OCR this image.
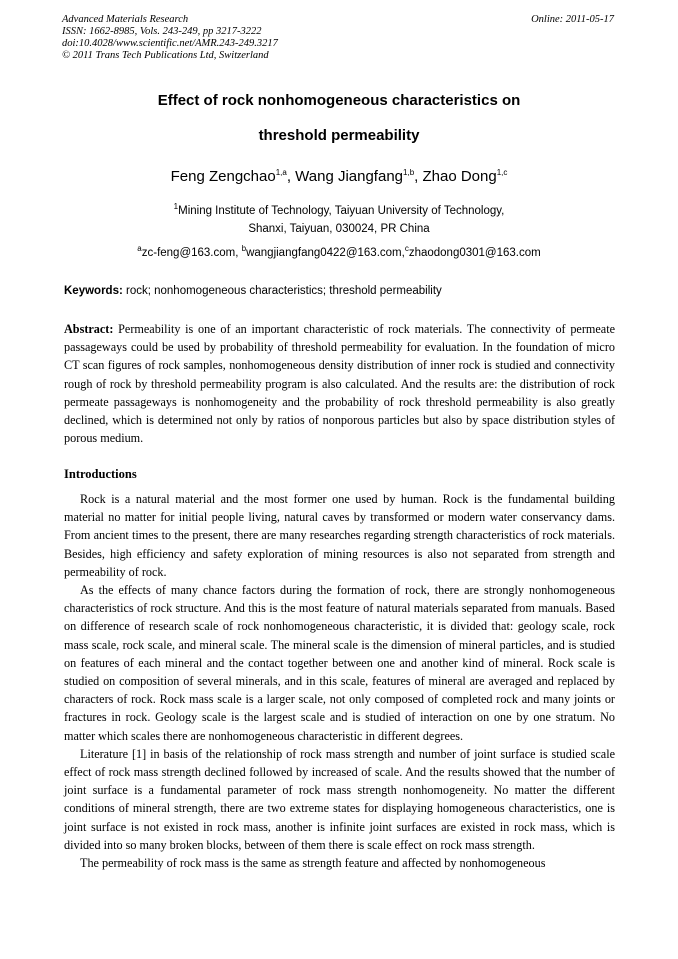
Advanced Materials Research
ISSN: 1662-8985, Vols. 243-249, pp 3217-3222
doi:10.4028/www.scientific.net/AMR.243-249.3217
© 2011 Trans Tech Publications Ltd, Switzerland
Online: 2011-05-17
Effect of rock nonhomogeneous characteristics on
threshold permeability
Feng Zengchao$^{1,a}$, Wang Jiangfang$^{1,b}$, Zhao Dong$^{1,c}$
$^1$Mining Institute of Technology, Taiyuan University of Technology,
Shanxi, Taiyuan, 030024, PR China
$^a$zc-feng@163.com, $^b$wangjiangfang0422@163.com,$^c$zhaodong0301@163.com
Keywords: rock; nonhomogeneous characteristics; threshold permeability
Abstract: Permeability is one of an important characteristic of rock materials. The connectivity of permeate passageways could be used by probability of threshold permeability for evaluation. In the foundation of micro CT scan figures of rock samples, nonhomogeneous density distribution of inner rock is studied and connectivity rough of rock by threshold permeability program is also calculated. And the results are: the distribution of rock permeate passageways is nonhomogeneity and the probability of rock threshold permeability is also greatly declined, which is determined not only by ratios of nonporous particles but also by space distribution styles of porous medium.
Introductions

Rock is a natural material and the most former one used by human. Rock is the fundamental building material no matter for initial people living, natural caves by transformed or modern water conservancy dams. From ancient times to the present, there are many researches regarding strength characteristics of rock materials. Besides, high efficiency and safety exploration of mining resources is also not separated from strength and permeability of rock.

As the effects of many chance factors during the formation of rock, there are strongly nonhomogeneous characteristics of rock structure. And this is the most feature of natural materials separated from manuals. Based on difference of research scale of rock nonhomogeneous characteristic, it is divided that: geology scale, rock mass scale, rock scale, and mineral scale. The mineral scale is the dimension of mineral particles, and is studied on features of each mineral and the contact together between one and another kind of mineral. Rock scale is studied on composition of several minerals, and in this scale, features of mineral are averaged and replaced by characters of rock. Rock mass scale is a larger scale, not only composed of completed rock and many joints or fractures in rock. Geology scale is the largest scale and is studied of interaction on one by one stratum. No matter which scales there are nonhomogeneous characteristic in different degrees.

Literature [1] in basis of the relationship of rock mass strength and number of joint surface is studied scale effect of rock mass strength declined followed by increased of scale. And the results showed that the number of joint surface is a fundamental parameter of rock mass strength nonhomogeneity. No matter the different conditions of mineral strength, there are two extreme states for displaying homogeneous characteristics, one is joint surface is not existed in rock mass, another is infinite joint surfaces are existed in rock mass, which is divided into so many broken blocks, between of them there is scale effect on rock mass strength.

The permeability of rock mass is the same as strength feature and affected by nonhomogeneous
